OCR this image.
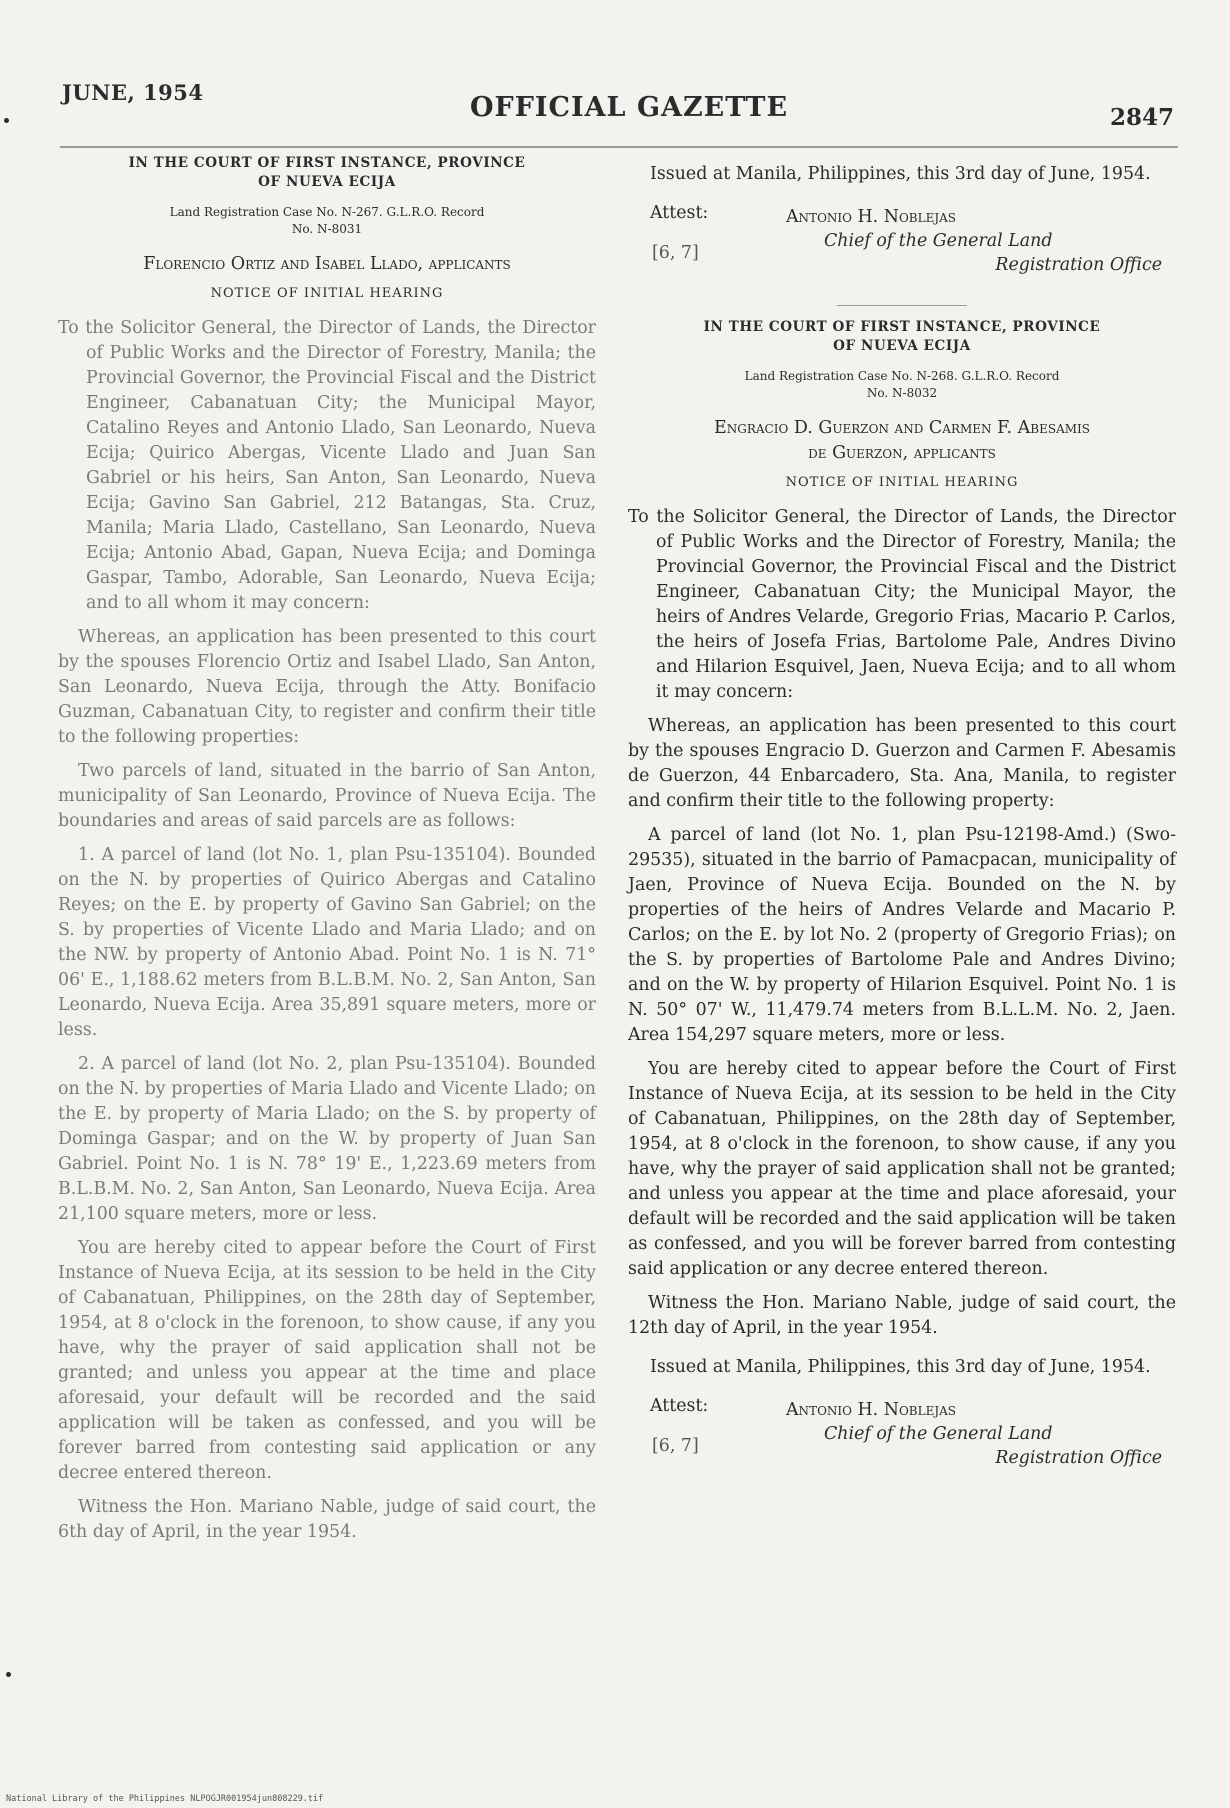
JUNE, 1954	OFFICIAL GAZETTE	2847
IN THE COURT OF FIRST INSTANCE, PROVINCE
OF NUEVA ECIJA
Land Registration Case No. N-267. G.L.R.O. Record
No. N-8031

Florencio Ortiz and Isabel Llado, applicants

NOTICE OF INITIAL HEARING

To the Solicitor General, the Director of Lands, the Director of Public Works and the Director of Forestry, Manila; the Provincial Governor, the Provincial Fiscal and the District Engineer, Cabanatuan City; the Municipal Mayor, Catalino Reyes and Antonio Llado, San Leonardo, Nueva Ecija; Quirico Abergas, Vicente Llado and Juan San Gabriel or his heirs, San Anton, San Leonardo, Nueva Ecija; Gavino San Gabriel, 212 Batangas, Sta. Cruz, Manila; Maria Llado, Castellano, San Leonardo, Nueva Ecija; Antonio Abad, Gapan, Nueva Ecija; and Dominga Gaspar, Tambo, Adorable, San Leonardo, Nueva Ecija; and to all whom it may concern:

Whereas, an application has been presented to this court by the spouses Florencio Ortiz and Isabel Llado, San Anton, San Leonardo, Nueva Ecija, through the Atty. Bonifacio Guzman, Cabanatuan City, to register and confirm their title to the following properties:

Two parcels of land, situated in the barrio of San Anton, municipality of San Leonardo, Province of Nueva Ecija. The boundaries and areas of said parcels are as follows:

1. A parcel of land (lot No. 1, plan Psu-135104). Bounded on the N. by properties of Quirico Abergas and Catalino Reyes; on the E. by property of Gavino San Gabriel; on the S. by properties of Vicente Llado and Maria Llado; and on the NW. by property of Antonio Abad. Point No. 1 is N. 71° 06' E., 1,188.62 meters from B.L.B.M. No. 2, San Anton, San Leonardo, Nueva Ecija. Area 35,891 square meters, more or less.

2. A parcel of land (lot No. 2, plan Psu-135104). Bounded on the N. by properties of Maria Llado and Vicente Llado; on the E. by property of Maria Llado; on the S. by property of Dominga Gaspar; and on the W. by property of Juan San Gabriel. Point No. 1 is N. 78° 19' E., 1,223.69 meters from B.L.B.M. No. 2, San Anton, San Leonardo, Nueva Ecija. Area 21,100 square meters, more or less.

You are hereby cited to appear before the Court of First Instance of Nueva Ecija, at its session to be held in the City of Cabanatuan, Philippines, on the 28th day of September, 1954, at 8 o'clock in the forenoon, to show cause, if any you have, why the prayer of said application shall not be granted; and unless you appear at the time and place aforesaid, your default will be recorded and the said application will be taken as confessed, and you will be forever barred from contesting said application or any decree entered thereon.

Witness the Hon. Mariano Nable, judge of said court, the 6th day of April, in the year 1954.

Issued at Manila, Philippines, this 3rd day of June, 1954.

Attest:	Antonio H. Noblejas
Chief of the General Land
[6, 7]
Registration Office
IN THE COURT OF FIRST INSTANCE, PROVINCE
OF NUEVA ECIJA
Land Registration Case No. N-268. G.L.R.O. Record
No. N-8032
Engracio D. Guerzon and Carmen F. Abesamis
de Guerzon, applicants

NOTICE OF INITIAL HEARING

To the Solicitor General, the Director of Lands, the Director of Public Works and the Director of Forestry, Manila; the Provincial Governor, the Provincial Fiscal and the District Engineer, Cabanatuan City; the Municipal Mayor, the heirs of Andres Velarde, Gregorio Frias, Macario P. Carlos, the heirs of Josefa Frias, Bartolome Pale, Andres Divino and Hilarion Esquivel, Jaen, Nueva Ecija; and to all whom it may concern:

Whereas, an application has been presented to this court by the spouses Engracio D. Guerzon and Carmen F. Abesamis de Guerzon, 44 Enbarcadero, Sta. Ana, Manila, to register and confirm their title to the following property:

A parcel of land (lot No. 1, plan Psu-12198-Amd.) (Swo-29535), situated in the barrio of Pamacpacan, municipality of Jaen, Province of Nueva Ecija. Bounded on the N. by properties of the heirs of Andres Velarde and Macario P. Carlos; on the E. by lot No. 2 (property of Gregorio Frias); on the S. by properties of Bartolome Pale and Andres Divino; and on the W. by property of Hilarion Esquivel. Point No. 1 is N. 50° 07' W., 11,479.74 meters from B.L.L.M. No. 2, Jaen. Area 154,297 square meters, more or less.

You are hereby cited to appear before the Court of First Instance of Nueva Ecija, at its session to be held in the City of Cabanatuan, Philippines, on the 28th day of September, 1954, at 8 o'clock in the forenoon, to show cause, if any you have, why the prayer of said application shall not be granted; and unless you appear at the time and place aforesaid, your default will be recorded and the said application will be taken as confessed, and you will be forever barred from contesting said application or any decree entered thereon.

Witness the Hon. Mariano Nable, judge of said court, the 12th day of April, in the year 1954.

Issued at Manila, Philippines, this 3rd day of June, 1954.

Attest:	Antonio H. Noblejas
Chief of the General Land
[6, 7]
Registration Office
National Library of the Philippines NLPOGJR001954jun808229.tif
